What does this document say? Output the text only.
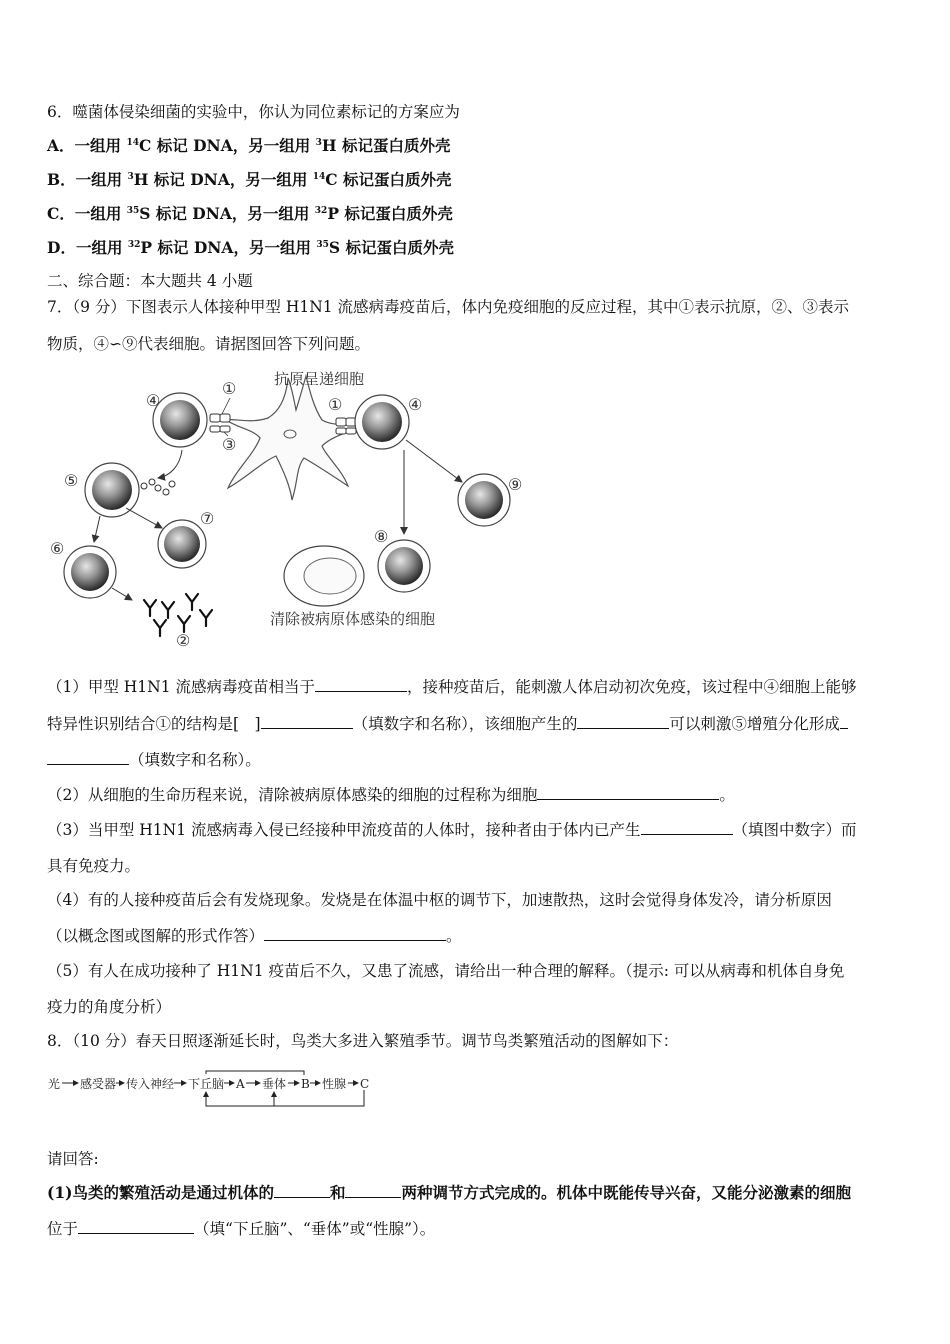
6．噬菌体侵染细菌的实验中，你认为同位素标记的方案应为
A．一组用 $^{14}$C 标记 DNA，另一组用 $^3$H 标记蛋白质外壳
B．一组用 $^3$H 标记 DNA，另一组用 $^{14}$C 标记蛋白质外壳
C．一组用 $^{35}$S 标记 DNA，另一组用 $^{32}$P 标记蛋白质外壳
D．一组用 $^{32}$P 标记 DNA，另一组用 $^{35}$S 标记蛋白质外壳
二、综合题：本大题共 4 小题
7．（9 分）下图表示人体接种甲型 H1N1 流感病毒疫苗后，体内免疫细胞的反应过程，其中①表示抗原，②、③表示
物质，④∽⑨代表细胞。请据图回答下列问题。
抗原呈递细胞
④
①
③
④
①
⑤
⑦
⑥
②
⑨
⑧
清除被病原体感染的细胞
（1）甲型 H1N1 流感病毒疫苗相当于	，接种疫苗后，能刺激人体启动初次免疫，该过程中④细胞上能够
特异性识别结合①的结构是[　]	（填数字和名称），该细胞产生的	可以刺激⑤增殖分化形成
（填数字和名称）。
（2）从细胞的生命历程来说，清除被病原体感染的细胞的过程称为细胞	。
（3）当甲型 H1N1 流感病毒入侵已经接种甲流疫苗的人体时，接种者由于体内已产生	（填图中数字）而
具有免疫力。
（4）有的人接种疫苗后会有发烧现象。发烧是在体温中枢的调节下，加速散热，这时会觉得身体发冷，请分析原因
（以概念图或图解的形式作答）	。
（5）有人在成功接种了 H1N1 疫苗后不久，又患了流感，请给出一种合理的解释。（提示: 可以从病毒和机体自身免
疫力的角度分析）
8．（10 分）春天日照逐渐延长时，鸟类大多进入繁殖季节。调节鸟类繁殖活动的图解如下：
光 感受器 传入神经 下丘脑 A 垂体 B 性腺 C
请回答:
(1)鸟类的繁殖活动是通过机体的	和	两种调节方式完成的。机体中既能传导兴奋，又能分泌激素的细胞
位于	（填“下丘脑”、“垂体”或“性腺”）。
